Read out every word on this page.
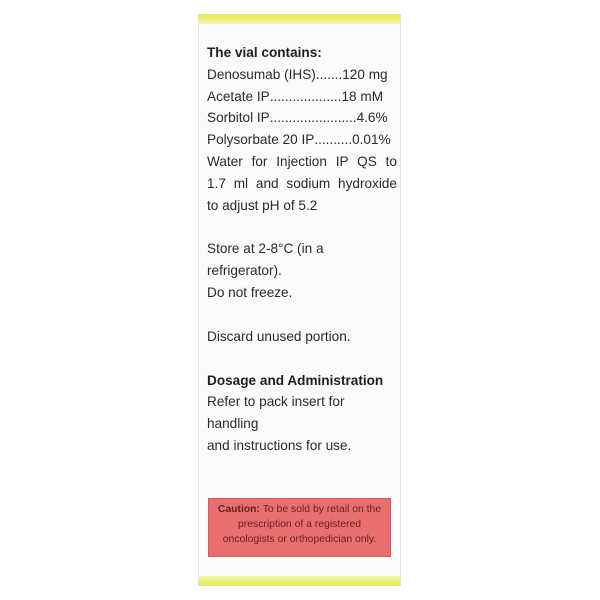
The vial contains:
Denosumab (IHS) ....... 120 mg
Acetate IP ................... 18 mM
Sorbitol IP ....................... 4.6%
Polysorbate 20 IP .......... 0.01%
Water for Injection IP QS to
1.7 ml and sodium hydroxide
to adjust pH of 5.2
Store at 2-8°C (in a refrigerator).
Do not freeze.
Discard unused portion.
Dosage and Administration
Refer to pack insert for handling
and instructions for use.
Caution: To be sold by retail on the
prescription of a registered
oncologists or orthopedician only.
